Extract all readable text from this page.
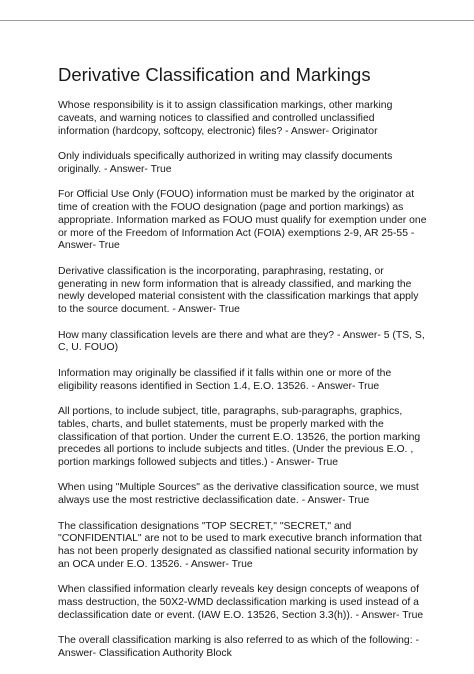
Derivative Classification and Markings

Whose responsibility is it to assign classification markings, other marking caveats, and warning notices to classified and controlled unclassified information (hardcopy, softcopy, electronic) files? - Answer- Originator

Only individuals specifically authorized in writing may classify documents originally. - Answer- True

For Official Use Only (FOUO) information must be marked by the originator at time of creation with the FOUO designation (page and portion markings) as appropriate. Information marked as FOUO must qualify for exemption under one or more of the Freedom of Information Act (FOIA) exemptions 2-9, AR 25-55 - Answer- True

Derivative classification is the incorporating, paraphrasing, restating, or generating in new form information that is already classified, and marking the newly developed material consistent with the classification markings that apply to the source document. - Answer- True

How many classification levels are there and what are they? - Answer- 5 (TS, S, C, U. FOUO)

Information may originally be classified if it falls within one or more of the eligibility reasons identified in Section 1.4, E.O. 13526. - Answer- True

All portions, to include subject, title, paragraphs, sub-paragraphs, graphics, tables, charts, and bullet statements, must be properly marked with the classification of that portion. Under the current E.O. 13526, the portion marking precedes all portions to include subjects and titles. (Under the previous E.O. , portion markings followed subjects and titles.) - Answer- True

When using "Multiple Sources" as the derivative classification source, we must always use the most restrictive declassification date. - Answer- True

The classification designations "TOP SECRET," "SECRET," and "CONFIDENTIAL" are not to be used to mark executive branch information that has not been properly designated as classified national security information by an OCA under E.O. 13526. - Answer- True

When classified information clearly reveals key design concepts of weapons of mass destruction, the 50X2-WMD declassification marking is used instead of a declassification date or event. (IAW E.O. 13526, Section 3.3(h)). - Answer- True

The overall classification marking is also referred to as which of the following: - Answer- Classification Authority Block
